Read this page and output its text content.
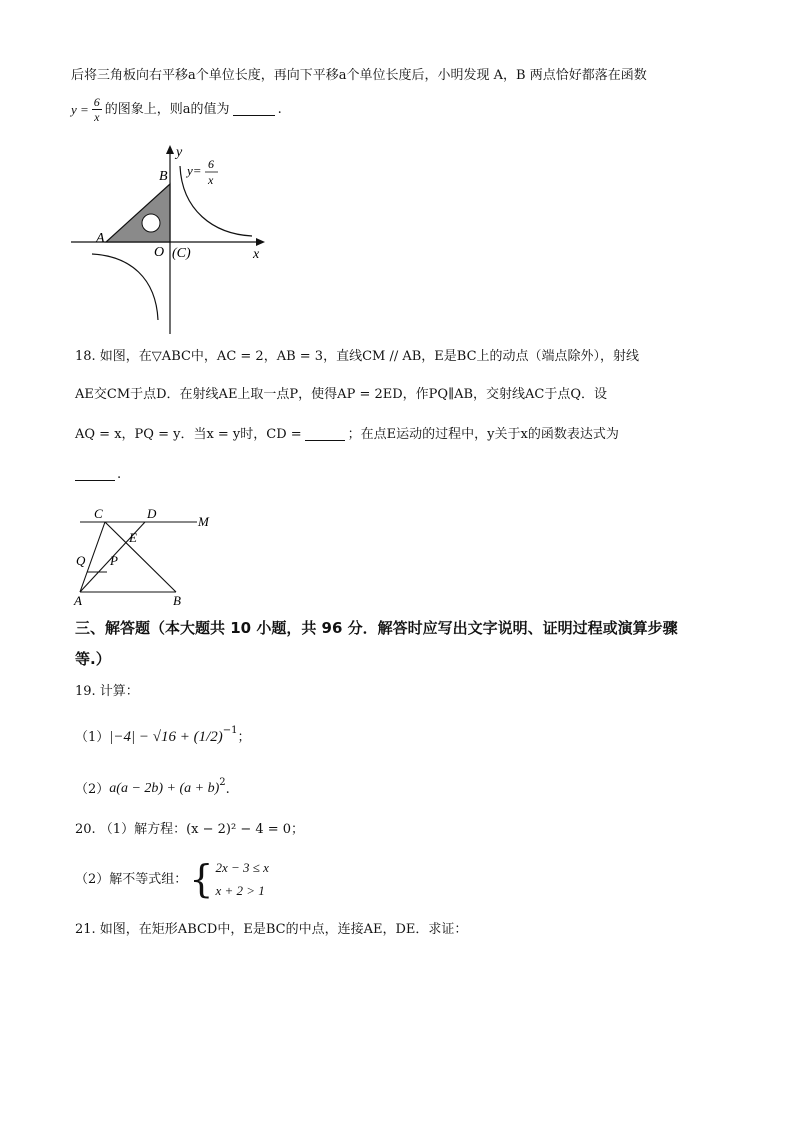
后将三角板向右平移a个单位长度，再向下平移a个单位长度后，小明发现 A，B 两点恰好都落在函数
$y = \frac{6}{x}$ 的图象上，则a的值为	.
y
x
A
B
O (C)
y= 6
x
18. 如图，在▽ABC中，AC = 2，AB = 3，直线CM // AB，E是BC上的动点（端点除外），射线
AE交CM于点D．在射线AE上取一点P，使得AP = 2ED，作PQ∥AB，交射线AC于点Q．设
AQ = x，PQ = y．当x = y时，CD =	；在点E运动的过程中，y关于x的函数表达式为
.
C	D
M
E
Q P
A	B
三、解答题（本大题共 10 小题，共 96 分．解答时应写出文字说明、证明过程或演算步骤
等.）
19. 计算：
（1） $|-4| - √16 + (1/2)^{-1}$ ；
（2） $a(a - 2b) + (a + b)^2$ .
20. （1）解方程：(x − 2)² − 4 = 0；
（2）解不等式组： { 2x − 3 ≤ x
x + 2 > 1
21. 如图，在矩形ABCD中，E是BC的中点，连接AE，DE．求证：
